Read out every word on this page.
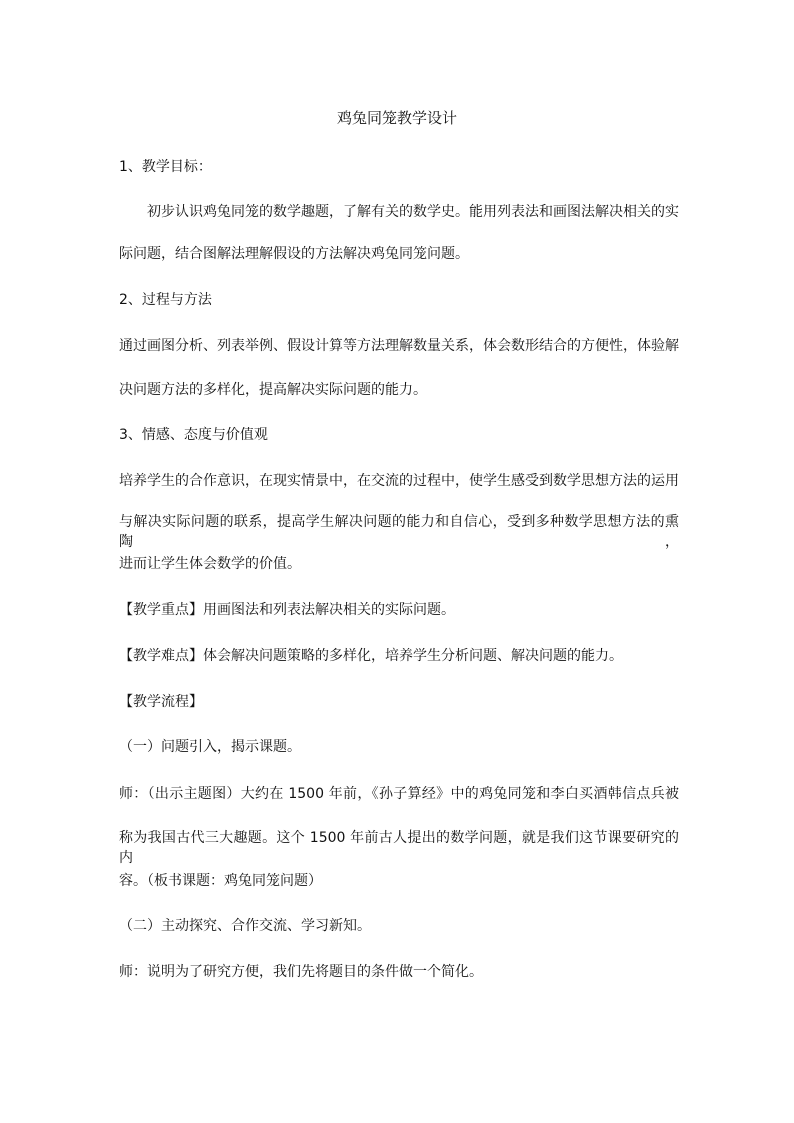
鸡兔同笼教学设计
1、教学目标：
初步认识鸡兔同笼的数学趣题，了解有关的数学史。能用列表法和画图法解决相关的实
际问题，结合图解法理解假设的方法解决鸡兔同笼问题。
2、过程与方法
通过画图分析、列表举例、假设计算等方法理解数量关系，体会数形结合的方便性，体验解
决问题方法的多样化，提高解决实际问题的能力。
3、情感、态度与价值观
培养学生的合作意识，在现实情景中，在交流的过程中，使学生感受到数学思想方法的运用
与解决实际问题的联系，提高学生解决问题的能力和自信心，受到多种数学思想方法的熏陶，
进而让学生体会数学的价值。
【教学重点】用画图法和列表法解决相关的实际问题。
【教学难点】体会解决问题策略的多样化，培养学生分析问题、解决问题的能力。
【教学流程】
（一）问题引入，揭示课题。
师：（出示主题图）大约在 1500 年前，《孙子算经》中的鸡兔同笼和李白买酒韩信点兵被
称为我国古代三大趣题。这个 1500 年前古人提出的数学问题，就是我们这节课要研究的内
容。（板书课题：鸡兔同笼问题）
（二）主动探究、合作交流、学习新知。
师：说明为了研究方便，我们先将题目的条件做一个简化。
